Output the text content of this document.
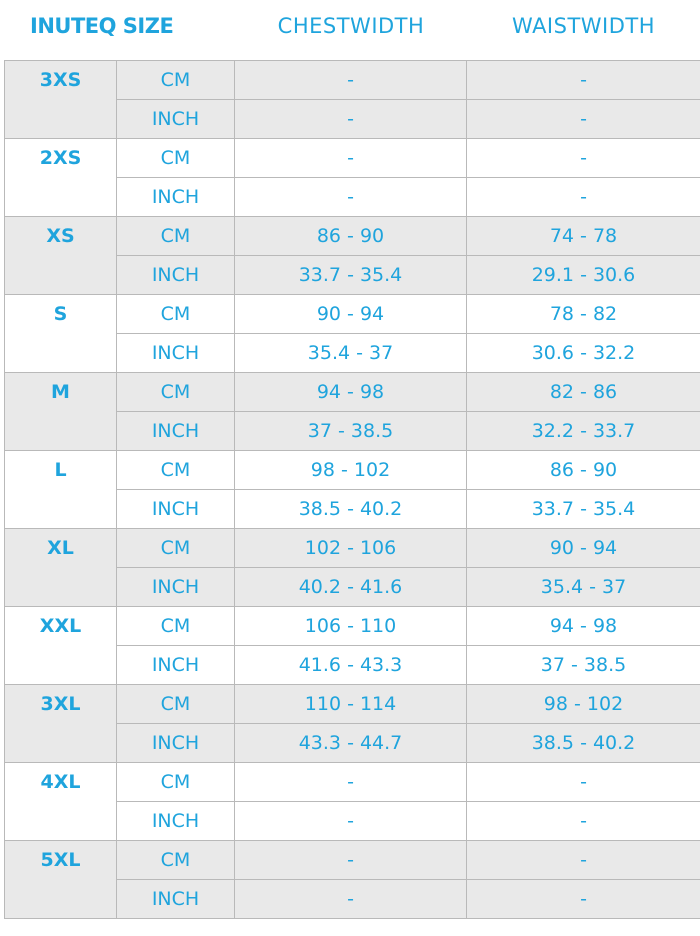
INUTEQ SIZE	CHESTWIDTH	WAISTWIDTH
3XS	CM	-	-
	INCH	-	-
2XS	CM	-	-
	INCH	-	-
XS	CM	86 - 90	74 - 78
	INCH	33.7 - 35.4	29.1 - 30.6
S	CM	90 - 94	78 - 82
	INCH	35.4 - 37	30.6 - 32.2
M	CM	94 - 98	82 - 86
	INCH	37 - 38.5	32.2 - 33.7
L	CM	98 - 102	86 - 90
	INCH	38.5 - 40.2	33.7 - 35.4
XL	CM	102 - 106	90 - 94
	INCH	40.2 - 41.6	35.4 - 37
XXL	CM	106 - 110	94 - 98
	INCH	41.6 - 43.3	37 - 38.5
3XL	CM	110 - 114	98 - 102
	INCH	43.3 - 44.7	38.5 - 40.2
4XL	CM	-	-
	INCH	-	-
5XL	CM	-	-
	INCH	-	-
